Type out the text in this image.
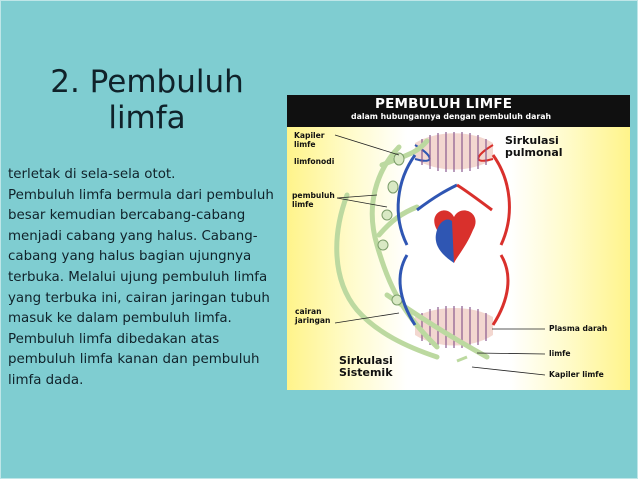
2. Pembuluh
limfa
terletak di sela-sela otot.
Pembuluh limfa bermula dari pembuluh besar kemudian bercabang-cabang menjadi cabang yang halus. Cabang-cabang yang halus bagian ujungnya terbuka. Melalui ujung pembuluh limfa yang terbuka ini, cairan jaringan tubuh masuk ke dalam pembuluh limfa. Pembuluh limfa dibedakan atas pembuluh limfa kanan dan pembuluh limfa dada.
PEMBULUH LIMFE
dalam hubungannya dengan pembuluh darah
Kapiler
limfe
limfonodi
pembuluh
limfe
Sirkulasi
pulmonal
cairan
jaringan
Plasma darah
limfe
Sirkulasi
Sistemik	Kapiler limfe
